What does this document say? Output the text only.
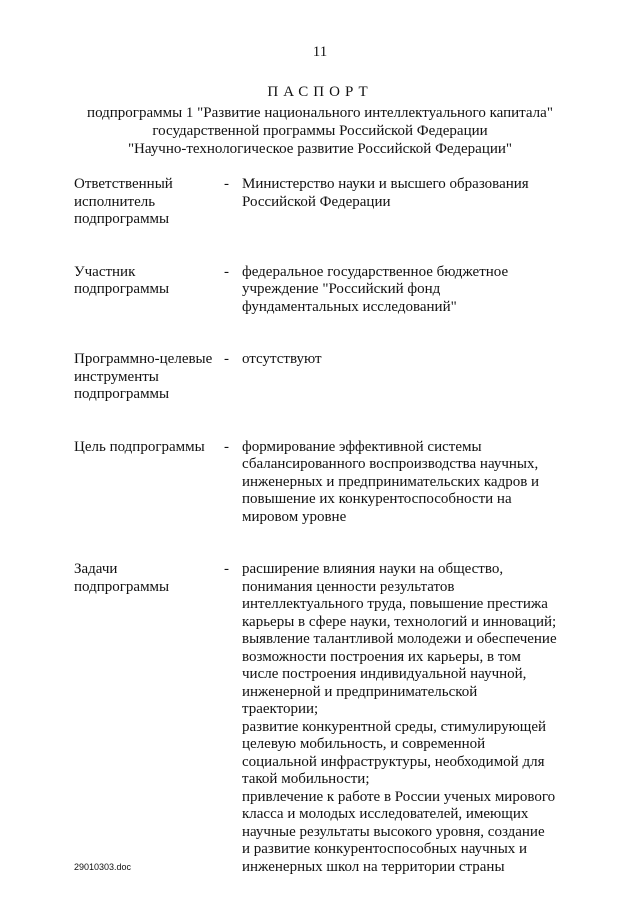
11
ПАСПОРТ
подпрограммы 1 "Развитие национального интеллектуального капитала"
государственной программы Российской Федерации
"Научно-технологическое развитие Российской Федерации"
Ответственный
исполнитель
подпрограммы
- Министерство науки и высшего образования
Российской Федерации
Участник
подпрограммы
- федеральное государственное бюджетное
учреждение "Российский фонд
фундаментальных исследований"
Программно-целевые
инструменты
подпрограммы
- отсутствуют
Цель подпрограммы	- формирование эффективной системы
сбалансированного воспроизводства научных,
инженерных и предпринимательских кадров и
повышение их конкурентоспособности на
мировом уровне
Задачи
подпрограммы
- расширение влияния науки на общество,
понимания ценности результатов
интеллектуального труда, повышение престижа
карьеры в сфере науки, технологий и инноваций;
выявление талантливой молодежи и обеспечение
возможности построения их карьеры, в том
числе построения индивидуальной научной,
инженерной и предпринимательской
траектории;
развитие конкурентной среды, стимулирующей
целевую мобильность, и современной
социальной инфраструктуры, необходимой для
такой мобильности;
привлечение к работе в России ученых мирового
класса и молодых исследователей, имеющих
научные результаты высокого уровня, создание
и развитие конкурентоспособных научных и
инженерных школ на территории страны
29010303.doc
